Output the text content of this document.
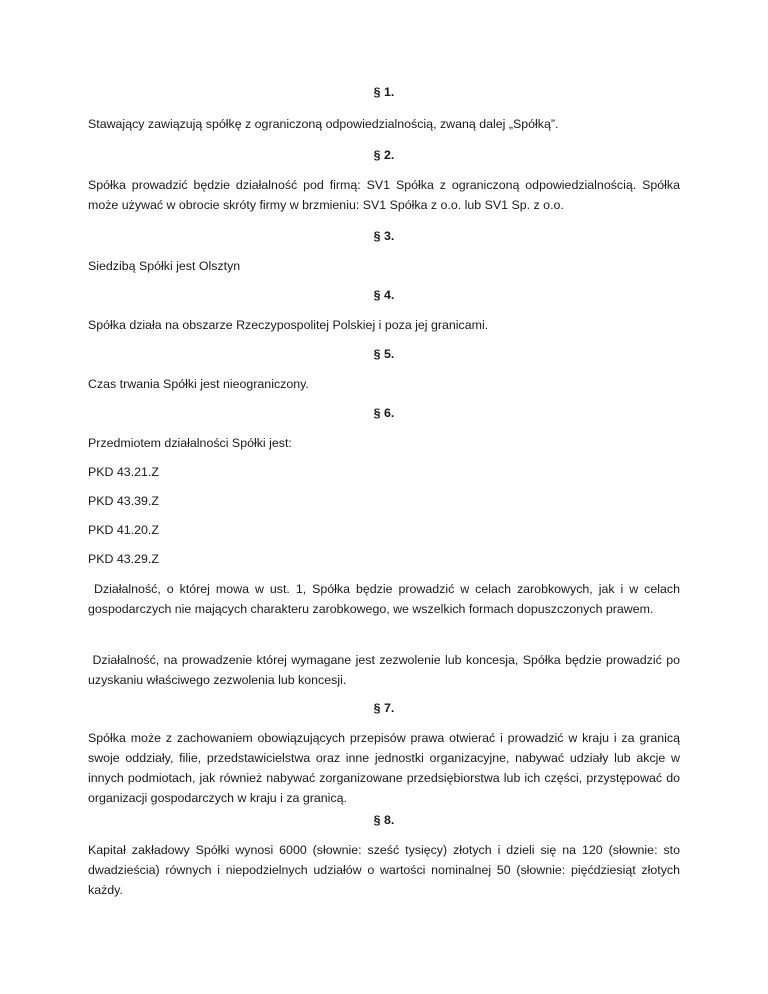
§ 1.

Stawający zawiązują spółkę z ograniczoną odpowiedzialnością, zwaną dalej „Spółką”.

§ 2.

Spółka prowadzić będzie działalność pod firmą: SV1 Spółka z ograniczoną odpowiedzialnością. Spółka może używać w obrocie skróty firmy w brzmieniu: SV1 Spółka z o.o. lub SV1 Sp. z o.o.

§ 3.

Siedzibą Spółki jest Olsztyn

§ 4.

Spółka działa na obszarze Rzeczypospolitej Polskiej i poza jej granicami.

§ 5.

Czas trwania Spółki jest nieograniczony.

§ 6.

Przedmiotem działalności Spółki jest:

PKD 43.21.Z

PKD 43.39.Z

PKD 41.20.Z

PKD 43.29.Z

Działalność, o której mowa w ust. 1, Spółka będzie prowadzić w celach zarobkowych, jak i w celach gospodarczych nie mających charakteru zarobkowego, we wszelkich formach dopuszczonych prawem.

Działalność, na prowadzenie której wymagane jest zezwolenie lub koncesja, Spółka będzie prowadzić po uzyskaniu właściwego zezwolenia lub koncesji.

§ 7.

Spółka może z zachowaniem obowiązujących przepisów prawa otwierać i prowadzić w kraju i za granicą swoje oddziały, filie, przedstawicielstwa oraz inne jednostki organizacyjne, nabywać udziały lub akcje w innych podmiotach, jak również nabywać zorganizowane przedsiębiorstwa lub ich części, przystępować do organizacji gospodarczych w kraju i za granicą.

§ 8.

Kapitał zakładowy Spółki wynosi 6000 (słownie: sześć tysięcy) złotych i dzieli się na 120 (słownie: sto dwadzieścia) równych i niepodzielnych udziałów o wartości nominalnej 50 (słownie: pięćdziesiąt złotych każdy.
